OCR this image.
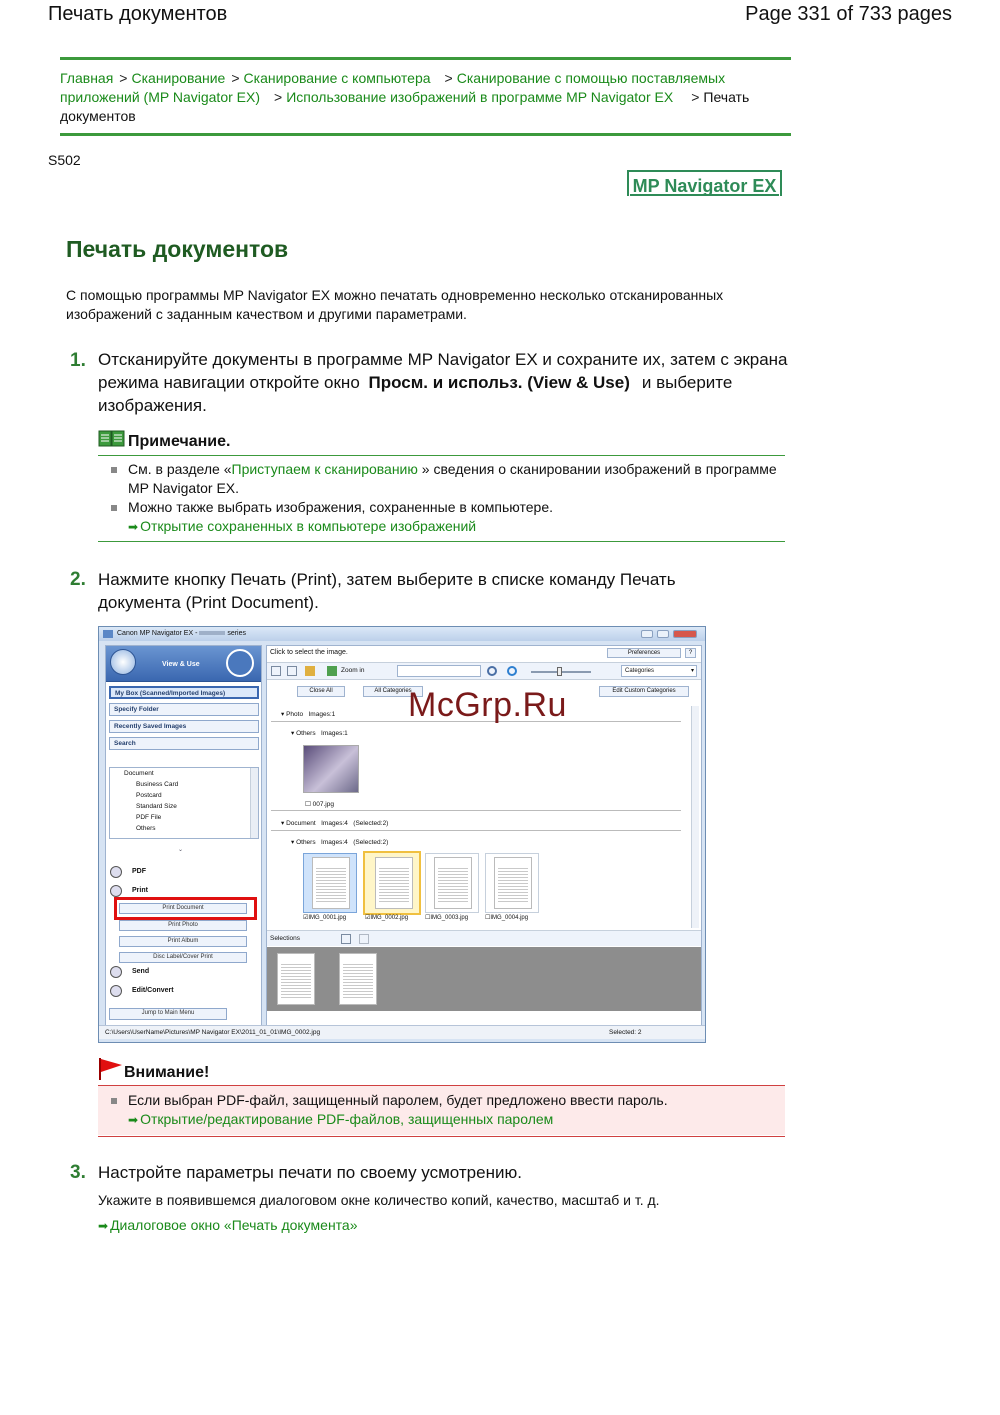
Печать документов	Page 331 of 733 pages
Главная > Сканирование > Сканирование с компьютера > Сканирование с помощью поставляемых приложений (MP Navigator EX) > Использование изображений в программе MP Navigator EX > Печать документов
S502
MP Navigator EX
Печать документов
С помощью программы MP Navigator EX можно печатать одновременно несколько отсканированных изображений с заданным качеством и другими параметрами.
1. Отсканируйте документы в программе MP Navigator EX и сохраните их, затем с экрана режима навигации откройте окно Просм. и использ. (View & Use) и выберите изображения.
Примечание.
См. в разделе «Приступаем к сканированию » сведения о сканировании изображений в программе MP Navigator EX.
Можно также выбрать изображения, сохраненные в компьютере.
➡ Открытие сохраненных в компьютере изображений
2. Нажмите кнопку Печать (Print), затем выберите в списке команду Печать документа (Print Document).
Canon MP Navigator EX -	series
View & Use
My Box (Scanned/Imported Images)
Specify Folder
Recently Saved Images
Search
Document
Business Card
Postcard
Standard Size
PDF File
Others
⌄
PDF
Print
Print Document
Print Photo
Print Album
Disc Label/Cover Print
Send
Edit/Convert
Jump to Main Menu
Click to select the image.	Preferences	?
Zoom in	Categories	▾
Close All	All Categories	Edit Custom Categories
▾ Photo Images:1
▾ Others Images:1
☐ 007.jpg
▾ Document Images:4 (Selected:2)
▾ Others Images:4 (Selected:2)
☑IMG_0001.jpg	☑IMG_0002.jpg	☐IMG_0003.jpg	☐IMG_0004.jpg
Selections
C:\Users\UserName\Pictures\MP Navigator EX\2011_01_01\IMG_0002.jpg	Selected: 2
McGrp.Ru
Внимание!
Если выбран PDF-файл, защищенный паролем, будет предложено ввести пароль.
➡ Открытие/редактирование PDF-файлов, защищенных паролем
3. Настройте параметры печати по своему усмотрению.
Укажите в появившемся диалоговом окне количество копий, качество, масштаб и т. д.
➡ Диалоговое окно «Печать документа»
